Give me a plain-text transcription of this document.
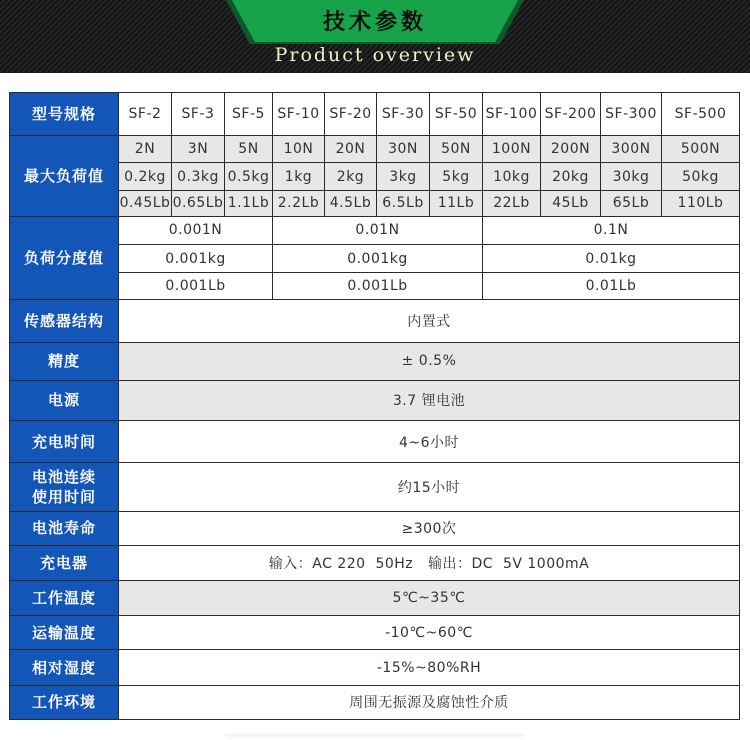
技术参数
Product overview
型号规格	SF-2	SF-3	SF-5	SF-10	SF-20	SF-30	SF-50	SF-100	SF-200	SF-300	SF-500
最大负荷值	2N	3N	5N	10N	20N	30N	50N	100N	200N	300N	500N
	0.2kg	0.3kg	0.5kg	1kg	2kg	3kg	5kg	10kg	20kg	30kg	50kg
	0.45Lb	0.65Lb	1.1Lb	2.2Lb	4.5Lb	6.5Lb	11Lb	22Lb	45Lb	65Lb	110Lb
负荷分度值	0.001N			0.01N				0.1N			
	0.001kg			0.001kg				0.01kg			
	0.001Lb			0.001Lb				0.01Lb			
传感器结构	内置式										
精度	± 0.5%										
电源	3.7 锂电池										
充电时间	4~6小时										
电池连续
使用时间	约15小时										
电池寿命	≥300次										
充电器	输入：AC 220  50Hz   输出：DC  5V 1000mA										
工作温度	5℃~35℃										
运输温度	-10℃~60℃										
相对湿度	-15%~80%RH										
工作环境	周围无振源及腐蚀性介质										
